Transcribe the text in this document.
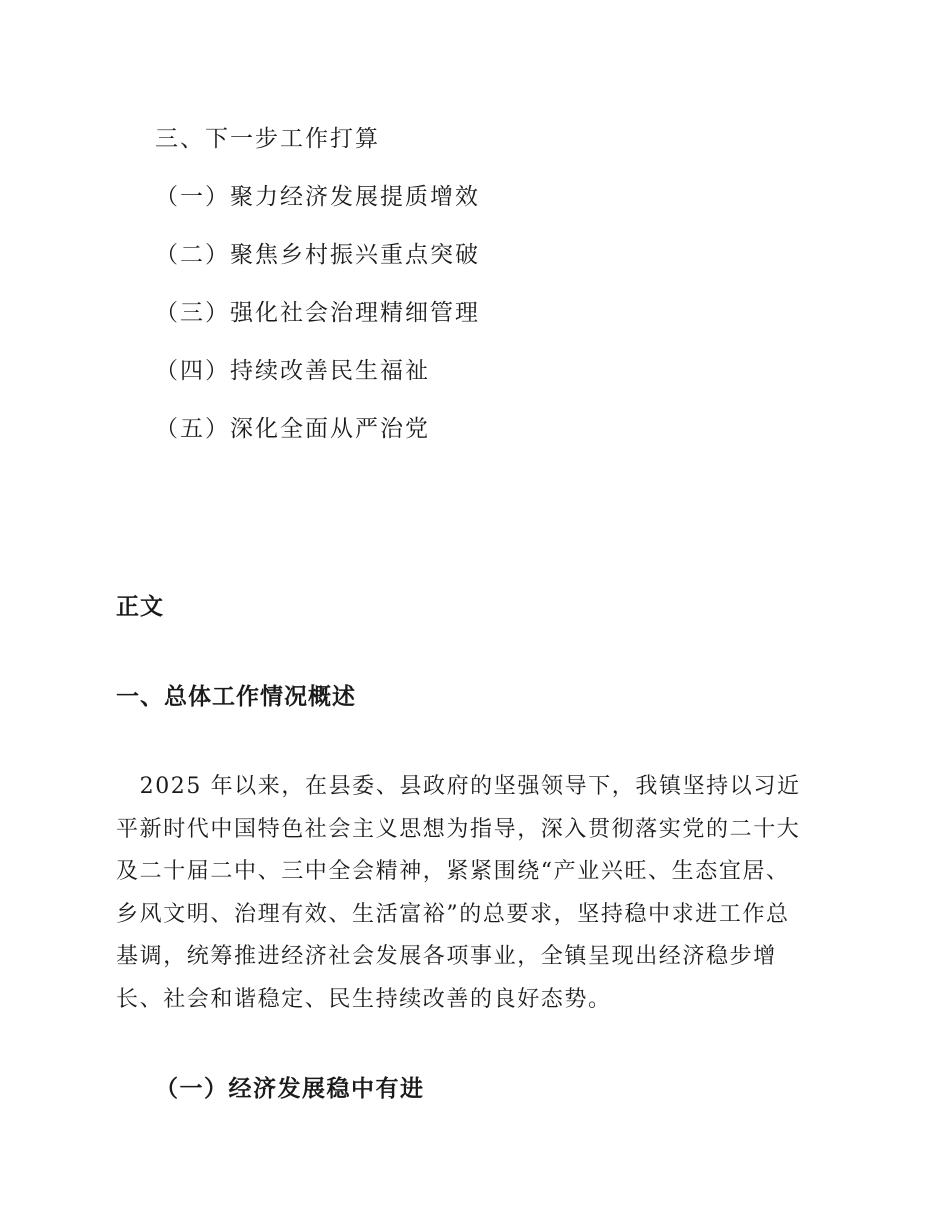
三、下一步工作打算
（一）聚力经济发展提质增效
（二）聚焦乡村振兴重点突破
（三）强化社会治理精细管理
（四）持续改善民生福祉
（五）深化全面从严治党
正文
一、总体工作情况概述

　2025 年以来，在县委、县政府的坚强领导下，我镇坚持以习近

平新时代中国特色社会主义思想为指导，深入贯彻落实党的二十大

及二十届二中、三中全会精神，紧紧围绕“产业兴旺、生态宜居、

乡风文明、治理有效、生活富裕”的总要求，坚持稳中求进工作总

基调，统筹推进经济社会发展各项事业，全镇呈现出经济稳步增

长、社会和谐稳定、民生持续改善的良好态势。

（一）经济发展稳中有进
